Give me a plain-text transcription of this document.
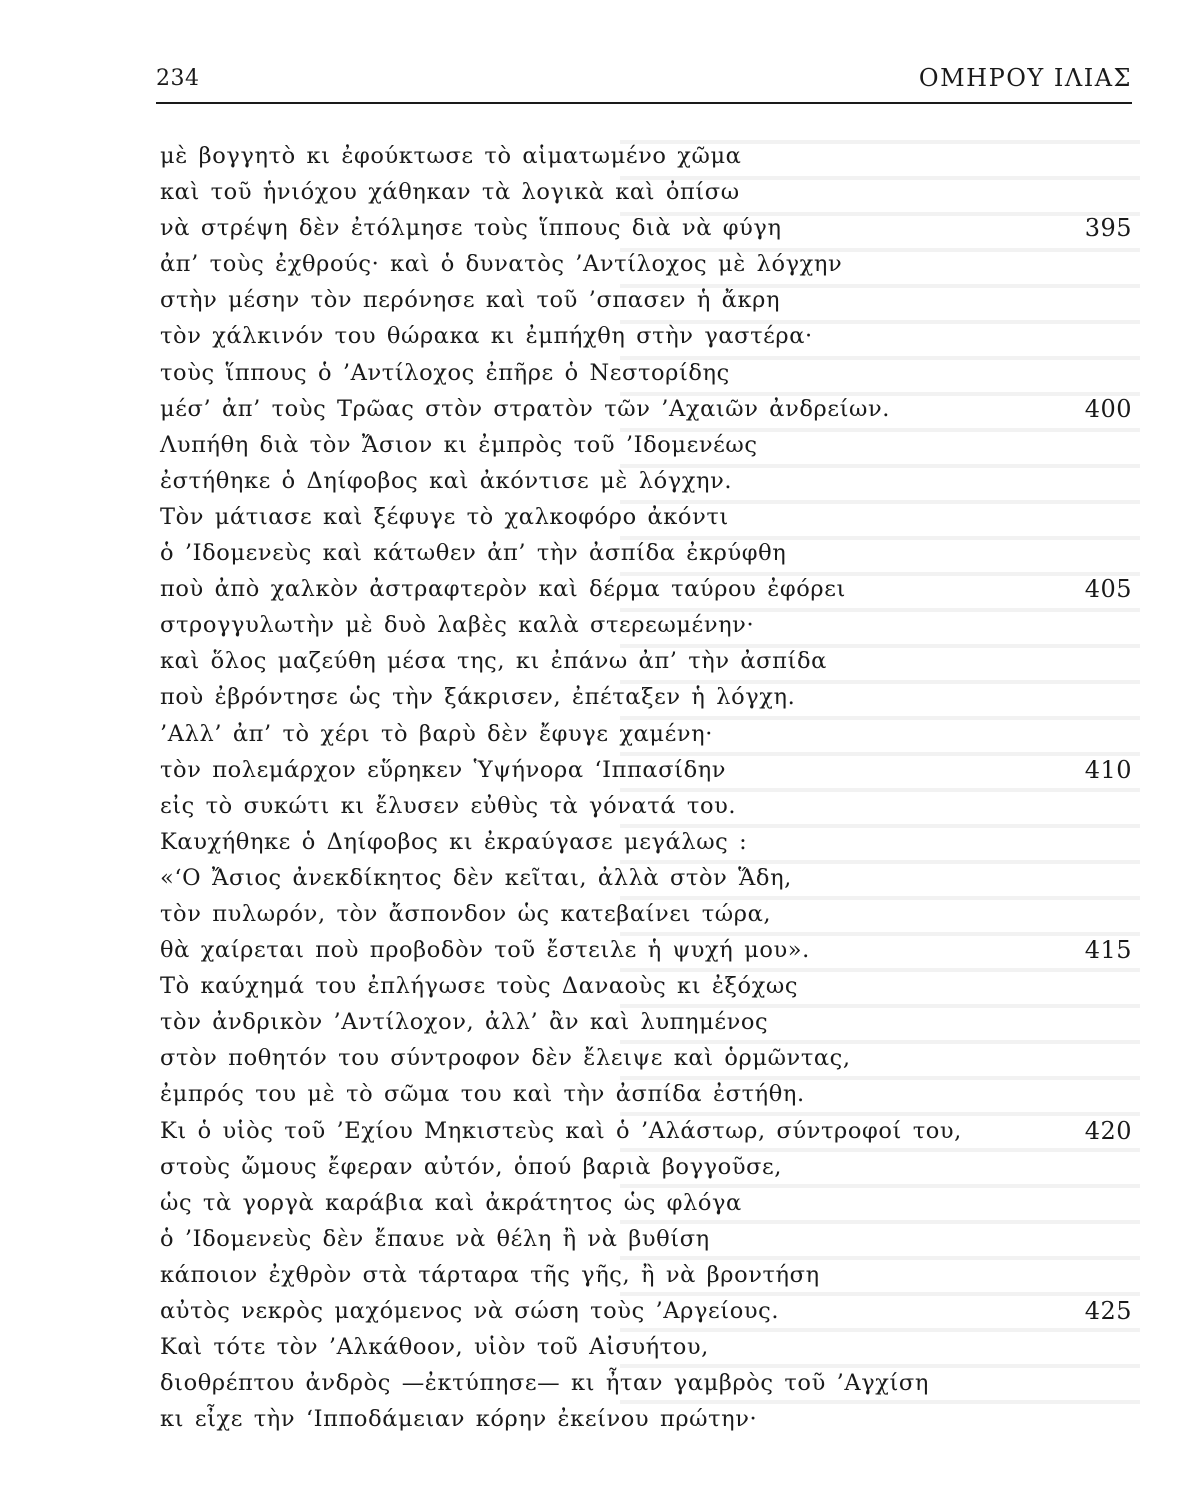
234	ΟΜΗΡΟΥ ΙΛΙΑΣ
μὲ βογγητὸ κι ἐφούκτωσε τὸ αἱματωμένο χῶμα
καὶ τοῦ ἡνιόχου χάθηκαν τὰ λογικὰ καὶ ὀπίσω
νὰ στρέψη δὲν ἐτόλμησε τοὺς ἵππους διὰ νὰ φύγη	395
ἀπ’ τοὺς ἐχθρούς· καὶ ὁ δυνατὸς ’Αντίλοχος μὲ λόγχην
στὴν μέσην τὸν περόνησε καὶ τοῦ ’σπασεν ἡ ἄκρη
τὸν χάλκινόν του θώρακα κι ἐμπήχθη στὴν γαστέρα·
τοὺς ἵππους ὁ ’Αντίλοχος ἐπῆρε ὁ Νεστορίδης
μέσ’ ἀπ’ τοὺς Τρῶας στὸν στρατὸν τῶν ’Αχαιῶν ἀνδρείων.	400
Λυπήθη διὰ τὸν Ἄσιον κι ἐμπρὸς τοῦ ’Ιδομενέως
ἐστήθηκε ὁ Δηίφοβος καὶ ἀκόντισε μὲ λόγχην.
Τὸν μάτιασε καὶ ξέφυγε τὸ χαλκοφόρο ἀκόντι
ὁ ’Ιδομενεὺς καὶ κάτωθεν ἀπ’ τὴν ἀσπίδα ἐκρύφθη
ποὺ ἀπὸ χαλκὸν ἀστραφτερὸν καὶ δέρμα ταύρου ἐφόρει	405
στρογγυλωτὴν μὲ δυὸ λαβὲς καλὰ στερεωμένην·
καὶ ὅλος μαζεύθη μέσα της, κι ἐπάνω ἀπ’ τὴν ἀσπίδα
ποὺ ἐβρόντησε ὡς τὴν ξάκρισεν, ἐπέταξεν ἡ λόγχη.
’Αλλ’ ἀπ’ τὸ χέρι τὸ βαρὺ δὲν ἔφυγε χαμένη·
τὸν πολεμάρχον εὕρηκεν Ὑψήνορα ‘Ιππασίδην	410
εἰς τὸ συκώτι κι ἔλυσεν εὐθὺς τὰ γόνατά του.
Καυχήθηκε ὁ Δηίφοβος κι ἐκραύγασε μεγάλως :
«‘Ο Ἄσιος ἀνεκδίκητος δὲν κεῖται, ἀλλὰ στὸν Ἅδη,
τὸν πυλωρόν, τὸν ἄσπονδον ὡς κατεβαίνει τώρα,
θὰ χαίρεται ποὺ προβοδὸν τοῦ ἔστειλε ἡ ψυχή μου».	415
Τὸ καύχημά του ἐπλήγωσε τοὺς Δαναοὺς κι ἐξόχως
τὸν ἀνδρικὸν ’Αντίλοχον, ἀλλ’ ἂν καὶ λυπημένος
στὸν ποθητόν του σύντροφον δὲν ἔλειψε καὶ ὁρμῶντας,
ἐμπρός του μὲ τὸ σῶμα του καὶ τὴν ἀσπίδα ἐστήθη.
Κι ὁ υἱὸς τοῦ ’Εχίου Μηκιστεὺς καὶ ὁ ’Αλάστωρ, σύντροφοί του,	420
στοὺς ὤμους ἔφεραν αὐτόν, ὁπού βαριὰ βογγοῦσε,
ὡς τὰ γοργὰ καράβια καὶ ἀκράτητος ὡς φλόγα
ὁ ’Ιδομενεὺς δὲν ἔπαυε νὰ θέλη ἢ νὰ βυθίση
κάποιον ἐχθρὸν στὰ τάρταρα τῆς γῆς, ἢ νὰ βροντήση
αὐτὸς νεκρὸς μαχόμενος νὰ σώση τοὺς ’Αργείους.	425
Καὶ τότε τὸν ’Αλκάθοον, υἱὸν τοῦ Αἰσυήτου,
διοθρέπτου ἀνδρὸς —ἐκτύπησε— κι ἦταν γαμβρὸς τοῦ ’Αγχίση
κι εἶχε τὴν ‘Ιπποδάμειαν κόρην ἐκείνου πρώτην·
